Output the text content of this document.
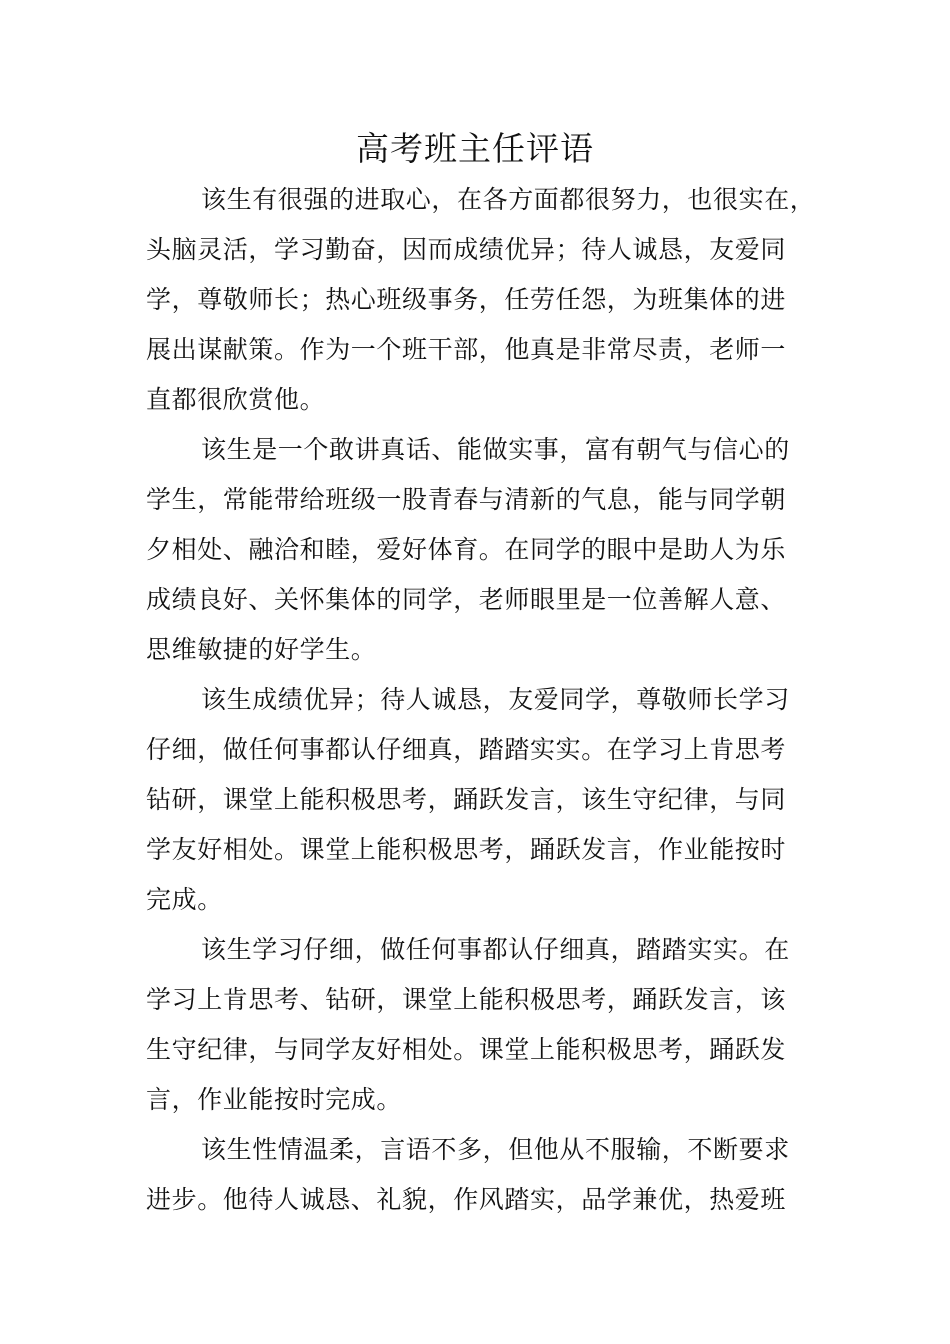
高考班主任评语
该生有很强的进取心，在各方面都很努力，也很实在，
头脑灵活，学习勤奋，因而成绩优异；待人诚恳，友爱同
学，尊敬师长；热心班级事务，任劳任怨，为班集体的进
展出谋献策。作为一个班干部，他真是非常尽责，老师一
直都很欣赏他。
该生是一个敢讲真话、能做实事，富有朝气与信心的
学生，常能带给班级一股青春与清新的气息，能与同学朝
夕相处、融洽和睦，爱好体育。在同学的眼中是助人为乐
成绩良好、关怀集体的同学，老师眼里是一位善解人意、
思维敏捷的好学生。
该生成绩优异；待人诚恳，友爱同学，尊敬师长学习
仔细，做任何事都认仔细真，踏踏实实。在学习上肯思考
钻研，课堂上能积极思考，踊跃发言，该生守纪律，与同
学友好相处。课堂上能积极思考，踊跃发言，作业能按时
完成。
该生学习仔细，做任何事都认仔细真，踏踏实实。在
学习上肯思考、钻研，课堂上能积极思考，踊跃发言，该
生守纪律，与同学友好相处。课堂上能积极思考，踊跃发
言，作业能按时完成。
该生性情温柔，言语不多，但他从不服输，不断要求
进步。他待人诚恳、礼貌，作风踏实，品学兼优，热爱班
